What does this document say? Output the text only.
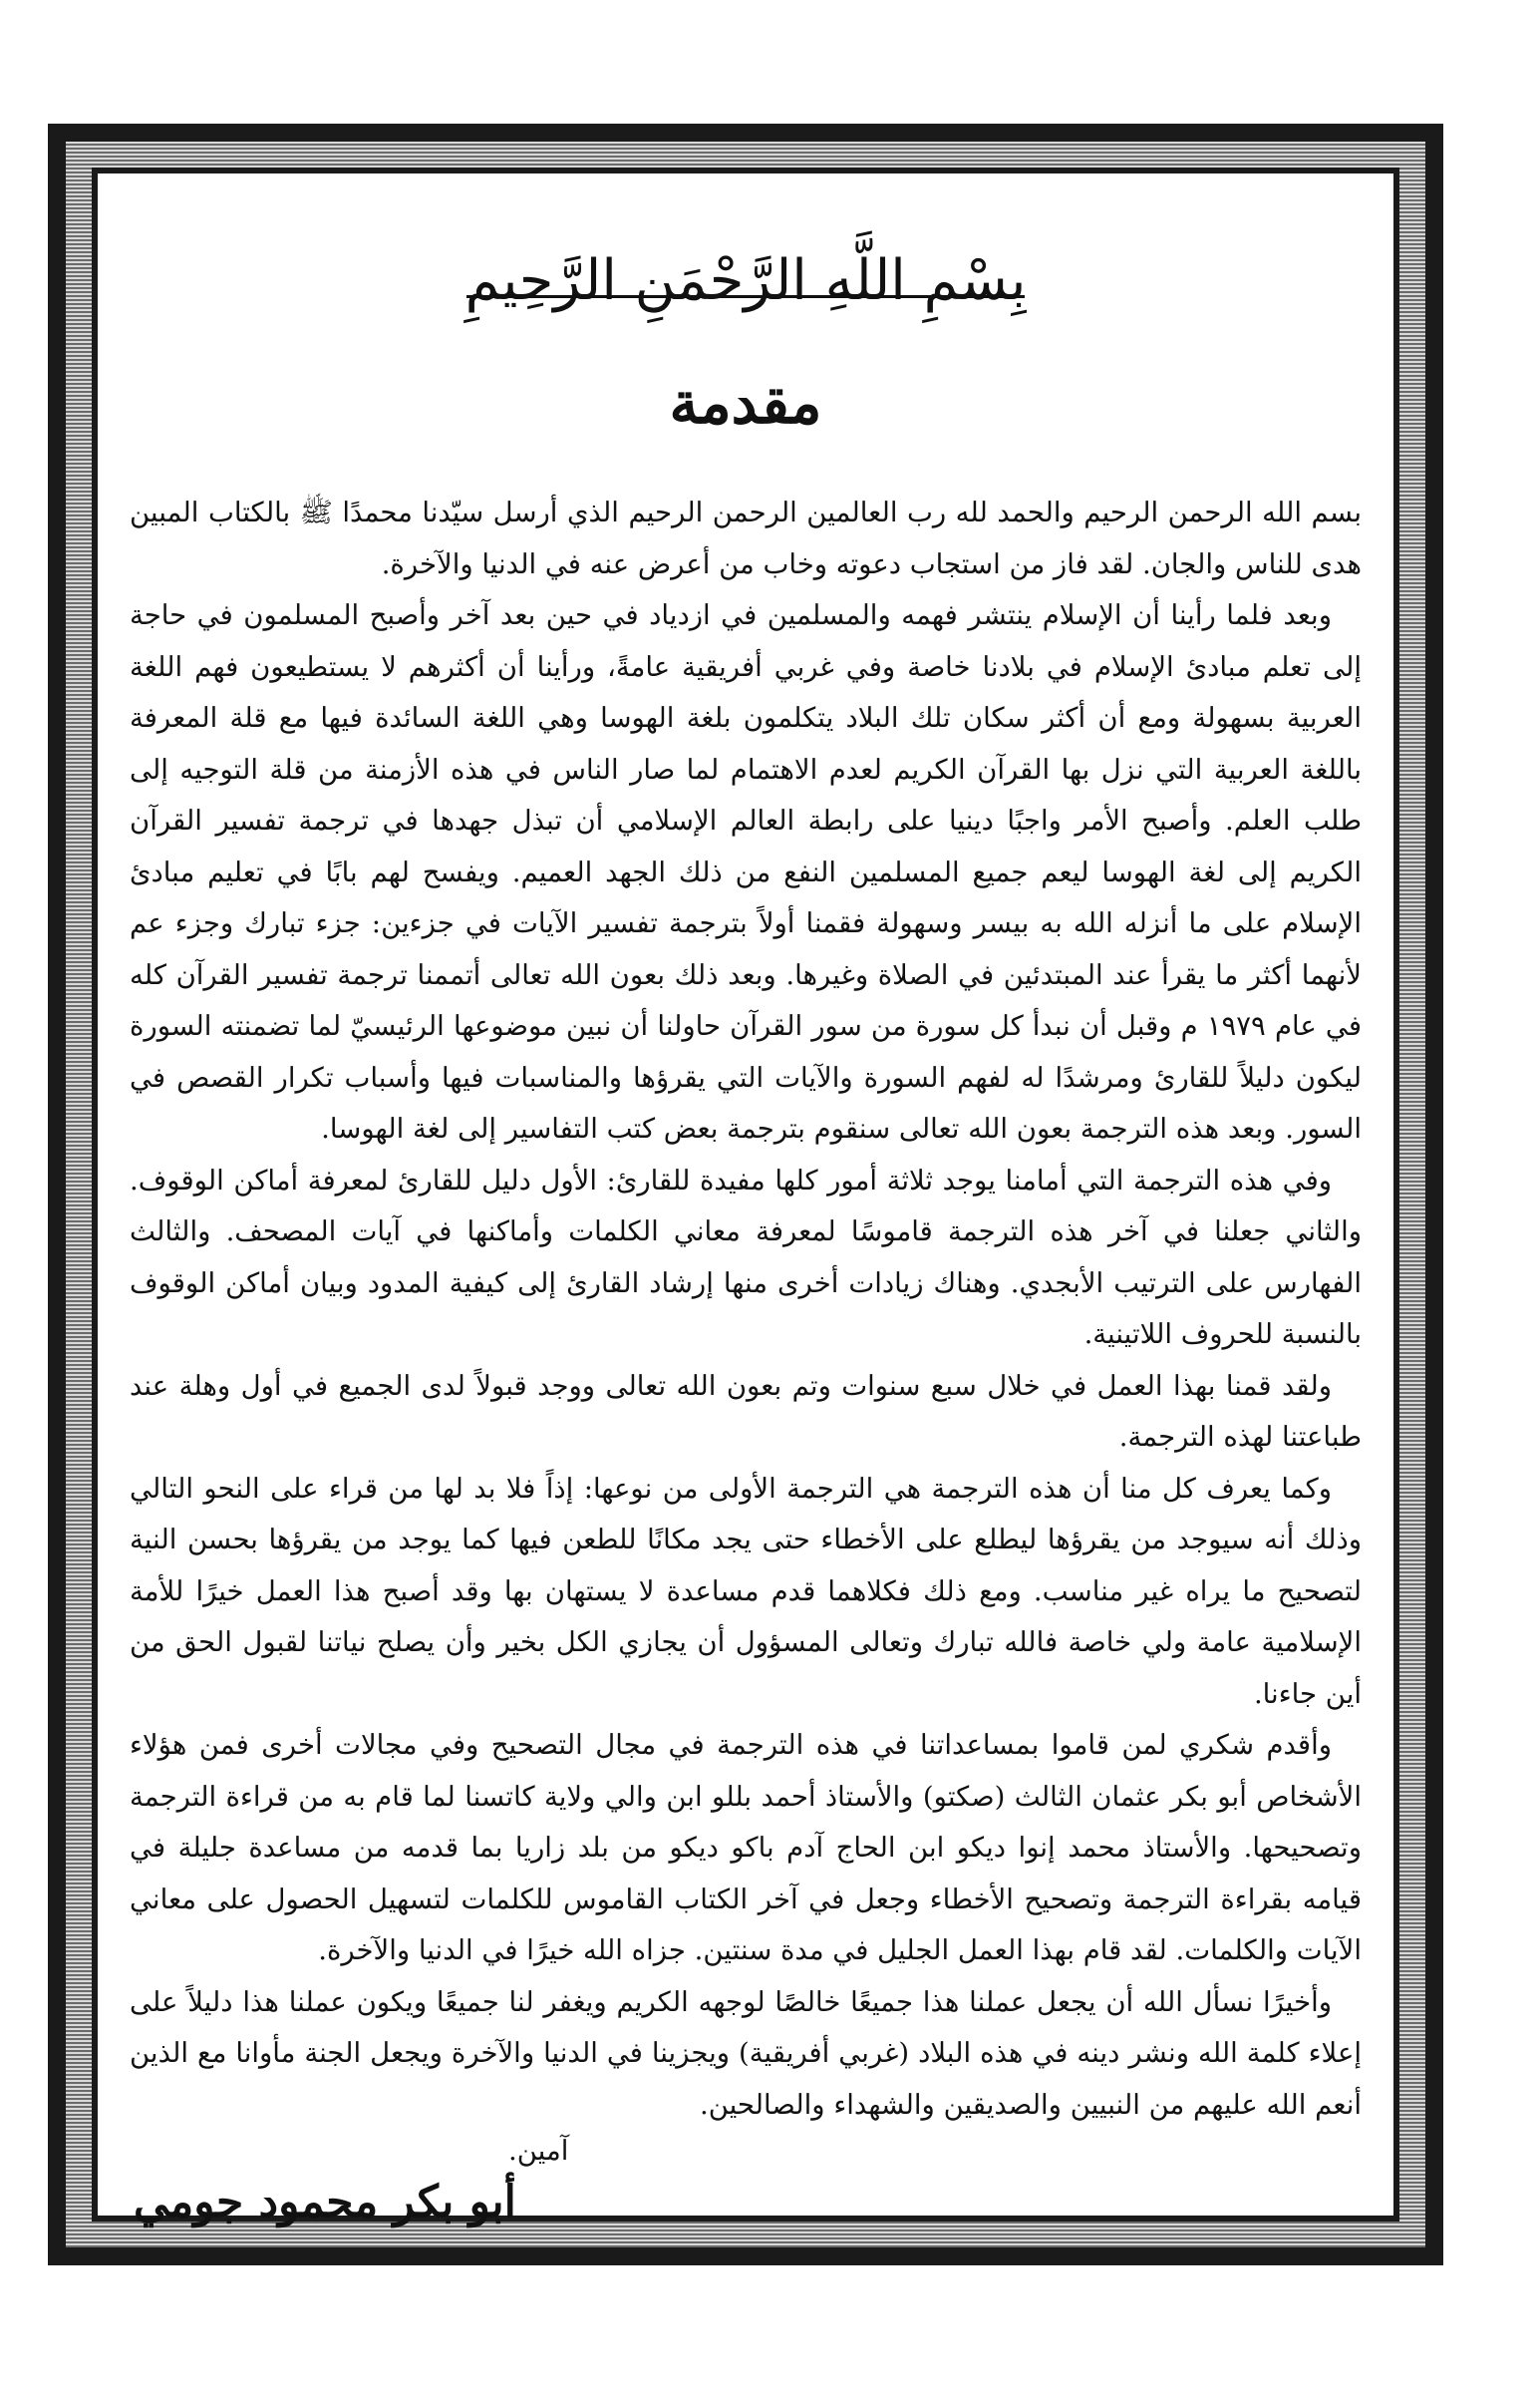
بِسْمِ اللَّهِ الرَّحْمَنِ الرَّحِيمِ
مقدمة

بسم الله الرحمن الرحيم والحمد لله رب العالمين الرحمن الرحيم الذي أرسل سيّدنا محمدًا ﷺ بالكتاب المبين هدى للناس والجان. لقد فاز من استجاب دعوته وخاب من أعرض عنه في الدنيا والآخرة.

وبعد فلما رأينا أن الإسلام ينتشر فهمه والمسلمين في ازدياد في حين بعد آخر وأصبح المسلمون في حاجة إلى تعلم مبادئ الإسلام في بلادنا خاصة وفي غربي أفريقية عامةً، ورأينا أن أكثرهم لا يستطيعون فهم اللغة العربية بسهولة ومع أن أكثر سكان تلك البلاد يتكلمون بلغة الهوسا وهي اللغة السائدة فيها مع قلة المعرفة باللغة العربية التي نزل بها القرآن الكريم لعدم الاهتمام لما صار الناس في هذه الأزمنة من قلة التوجيه إلى طلب العلم. وأصبح الأمر واجبًا دينيا على رابطة العالم الإسلامي أن تبذل جهدها في ترجمة تفسير القرآن الكريم إلى لغة الهوسا ليعم جميع المسلمين النفع من ذلك الجهد العميم. ويفسح لهم بابًا في تعليم مبادئ الإسلام على ما أنزله الله به بيسر وسهولة فقمنا أولاً بترجمة تفسير الآيات في جزءين: جزء تبارك وجزء عم لأنهما أكثر ما يقرأ عند المبتدئين في الصلاة وغيرها. وبعد ذلك بعون الله تعالى أتممنا ترجمة تفسير القرآن كله في عام ١٩٧٩ م وقبل أن نبدأ كل سورة من سور القرآن حاولنا أن نبين موضوعها الرئيسيّ لما تضمنته السورة ليكون دليلاً للقارئ ومرشدًا له لفهم السورة والآيات التي يقرؤها والمناسبات فيها وأسباب تكرار القصص في السور. وبعد هذه الترجمة بعون الله تعالى سنقوم بترجمة بعض كتب التفاسير إلى لغة الهوسا.

وفي هذه الترجمة التي أمامنا يوجد ثلاثة أمور كلها مفيدة للقارئ: الأول دليل للقارئ لمعرفة أماكن الوقوف. والثاني جعلنا في آخر هذه الترجمة قاموسًا لمعرفة معاني الكلمات وأماكنها في آيات المصحف. والثالث الفهارس على الترتيب الأبجدي. وهناك زيادات أخرى منها إرشاد القارئ إلى كيفية المدود وبيان أماكن الوقوف بالنسبة للحروف اللاتينية.

ولقد قمنا بهذا العمل في خلال سبع سنوات وتم بعون الله تعالى ووجد قبولاً لدى الجميع في أول وهلة عند طباعتنا لهذه الترجمة.

وكما يعرف كل منا أن هذه الترجمة هي الترجمة الأولى من نوعها: إذاً فلا بد لها من قراء على النحو التالي وذلك أنه سيوجد من يقرؤها ليطلع على الأخطاء حتى يجد مكانًا للطعن فيها كما يوجد من يقرؤها بحسن النية لتصحيح ما يراه غير مناسب. ومع ذلك فكلاهما قدم مساعدة لا يستهان بها وقد أصبح هذا العمل خيرًا للأمة الإسلامية عامة ولي خاصة فالله تبارك وتعالى المسؤول أن يجازي الكل بخير وأن يصلح نياتنا لقبول الحق من أين جاءنا.

وأقدم شكري لمن قاموا بمساعداتنا في هذه الترجمة في مجال التصحيح وفي مجالات أخرى فمن هؤلاء الأشخاص أبو بكر عثمان الثالث (صكتو) والأستاذ أحمد بللو ابن والي ولاية كاتسنا لما قام به من قراءة الترجمة وتصحيحها. والأستاذ محمد إنوا ديكو ابن الحاج آدم باكو ديكو من بلد زاريا بما قدمه من مساعدة جليلة في قيامه بقراءة الترجمة وتصحيح الأخطاء وجعل في آخر الكتاب القاموس للكلمات لتسهيل الحصول على معاني الآيات والكلمات. لقد قام بهذا العمل الجليل في مدة سنتين. جزاه الله خيرًا في الدنيا والآخرة.

وأخيرًا نسأل الله أن يجعل عملنا هذا جميعًا خالصًا لوجهه الكريم ويغفر لنا جميعًا ويكون عملنا هذا دليلاً على إعلاء كلمة الله ونشر دينه في هذه البلاد (غربي أفريقية) ويجزينا في الدنيا والآخرة ويجعل الجنة مأوانا مع الذين أنعم الله عليهم من النبيين والصديقين والشهداء والصالحين.

آمين.
أبو بكر محمود جومي
